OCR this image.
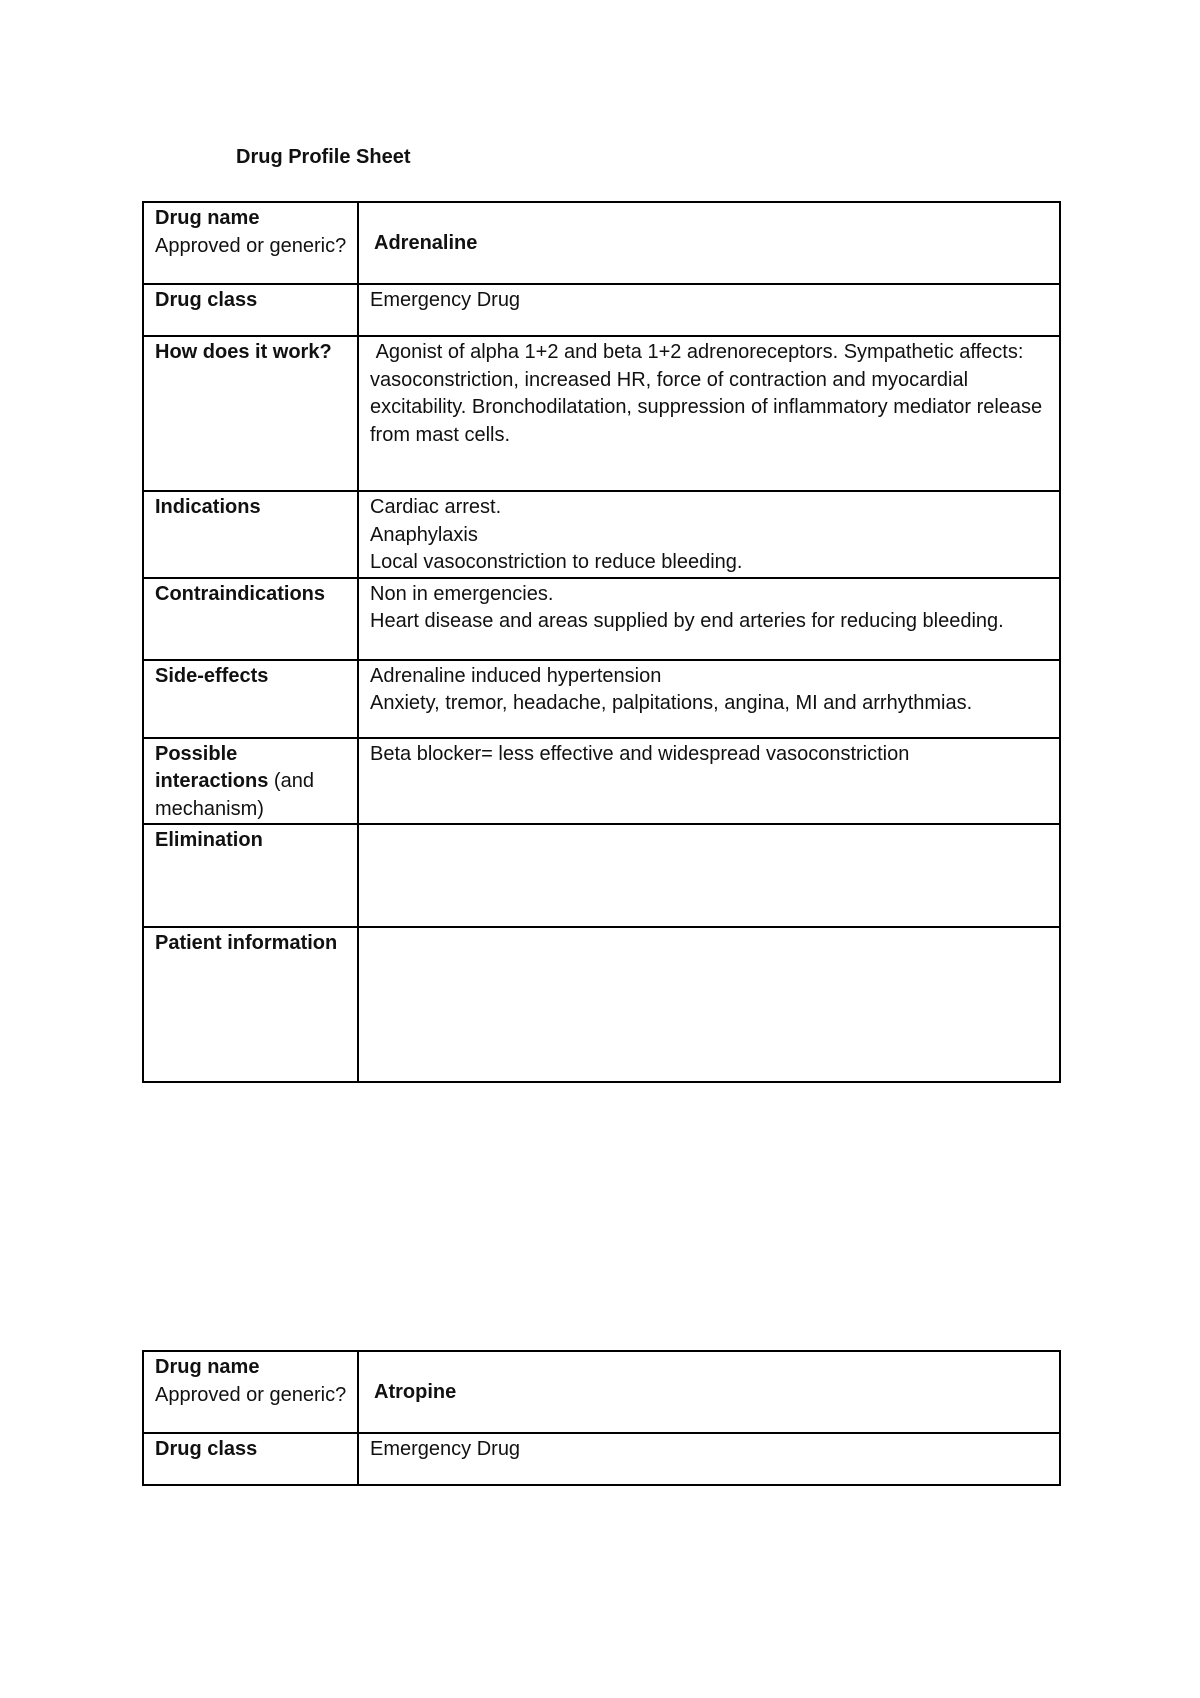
Drug Profile Sheet
Drug name
Approved or generic?	Adrenaline
Drug class	Emergency Drug
How does it work?	Agonist of alpha 1+2 and beta 1+2 adrenoreceptors. Sympathetic affects: vasoconstriction, increased HR, force of contraction and myocardial excitability. Bronchodilatation, suppression of inflammatory mediator release from mast cells.
Indications	Cardiac arrest.
Anaphylaxis
Local vasoconstriction to reduce bleeding.

Contraindications	Non in emergencies.
Heart disease and areas supplied by end arteries for reducing bleeding.

Side-effects	Adrenaline induced hypertension
Anxiety, tremor, headache, palpitations, angina, MI and arrhythmias.

Possible interactions (and mechanism)	Beta blocker= less effective and widespread vasoconstriction
Elimination	
Patient information	
Drug name
Approved or generic?	Atropine
Drug class	Emergency Drug
